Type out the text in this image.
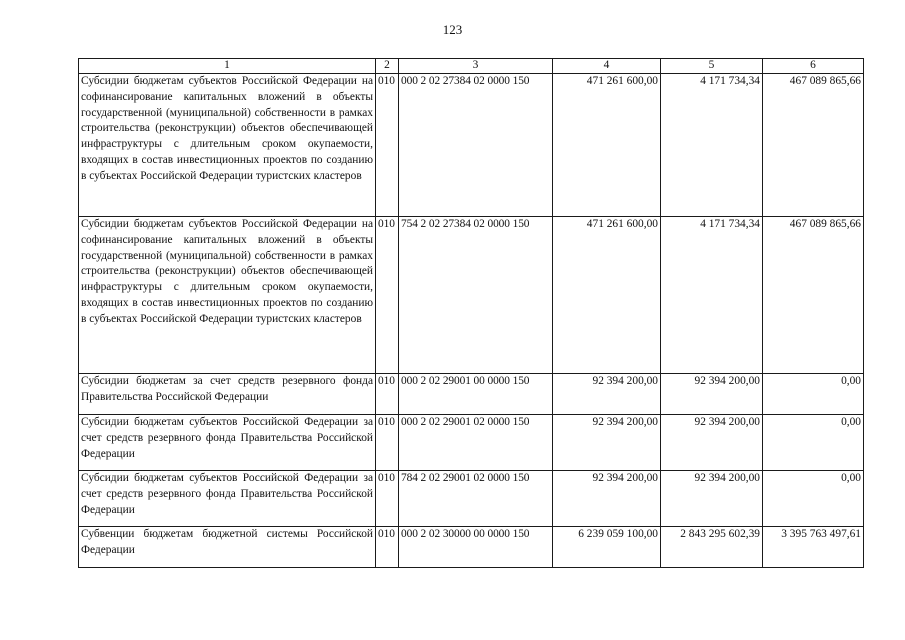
123
1	2	3	4	5	6
Субсидии бюджетам субъектов Российской Федерации на софинансирование капитальных вложений в объекты государственной (муниципальной) собственности в рамках строительства (реконструкции) объектов обеспечивающей инфраструктуры с длительным сроком окупаемости, входящих в состав инвестиционных проектов по созданию в субъектах Российской Федерации туристских кластеров	010	000 2 02 27384 02 0000 150	471 261 600,00	4 171 734,34	467 089 865,66
Субсидии бюджетам субъектов Российской Федерации на софинансирование капитальных вложений в объекты государственной (муниципальной) собственности в рамках строительства (реконструкции) объектов обеспечивающей инфраструктуры с длительным сроком окупаемости, входящих в состав инвестиционных проектов по созданию в субъектах Российской Федерации туристских кластеров	010	754 2 02 27384 02 0000 150	471 261 600,00	4 171 734,34	467 089 865,66
Субсидии бюджетам за счет средств резервного фонда Правительства Российской Федерации	010	000 2 02 29001 00 0000 150	92 394 200,00	92 394 200,00	0,00
Субсидии бюджетам субъектов Российской Федерации за счет средств резервного фонда Правительства Российской Федерации	010	000 2 02 29001 02 0000 150	92 394 200,00	92 394 200,00	0,00
Субсидии бюджетам субъектов Российской Федерации за счет средств резервного фонда Правительства Российской Федерации	010	784 2 02 29001 02 0000 150	92 394 200,00	92 394 200,00	0,00
Субвенции бюджетам бюджетной системы Российской Федерации	010	000 2 02 30000 00 0000 150	6 239 059 100,00	2 843 295 602,39	3 395 763 497,61
